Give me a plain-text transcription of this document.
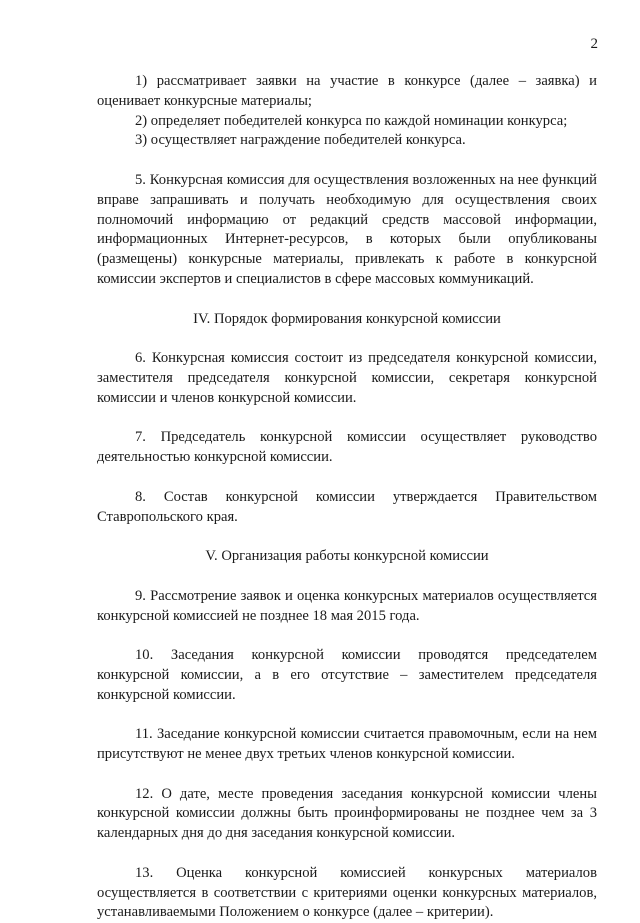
2

1) рассматривает заявки на участие в конкурсе (далее – заявка) и оценивает конкурсные материалы;

2) определяет победителей конкурса по каждой номинации конкурса;

3) осуществляет награждение победителей конкурса.

5. Конкурсная комиссия для осуществления возложенных на нее функций вправе запрашивать и получать необходимую для осуществления своих полномочий информацию от редакций средств массовой информации, информационных Интернет-ресурсов, в которых были опубликованы (размещены) конкурсные материалы, привлекать к работе в конкурсной комиссии экспертов и специалистов в сфере массовых коммуникаций.

IV. Порядок формирования конкурсной комиссии

6. Конкурсная комиссия состоит из председателя конкурсной комиссии, заместителя председателя конкурсной комиссии, секретаря конкурсной комиссии и членов конкурсной комиссии.

7. Председатель конкурсной комиссии осуществляет руководство деятельностью конкурсной комиссии.

8. Состав конкурсной комиссии утверждается Правительством Ставропольского края.

V. Организация работы конкурсной комиссии

9. Рассмотрение заявок и оценка конкурсных материалов осуществляется конкурсной комиссией не позднее 18 мая 2015 года.

10. Заседания конкурсной комиссии проводятся председателем конкурсной комиссии, а в его отсутствие – заместителем председателя конкурсной комиссии.

11. Заседание конкурсной комиссии считается правомочным, если на нем присутствуют не менее двух третьих членов конкурсной комиссии.

12. О дате, месте проведения заседания конкурсной комиссии члены конкурсной комиссии должны быть проинформированы не позднее чем за 3 календарных дня до дня заседания конкурсной комиссии.

13. Оценка конкурсной комиссией конкурсных материалов осуществляется в соответствии с критериями оценки конкурсных материалов, устанавливаемыми Положением о конкурсе (далее – критерии).
